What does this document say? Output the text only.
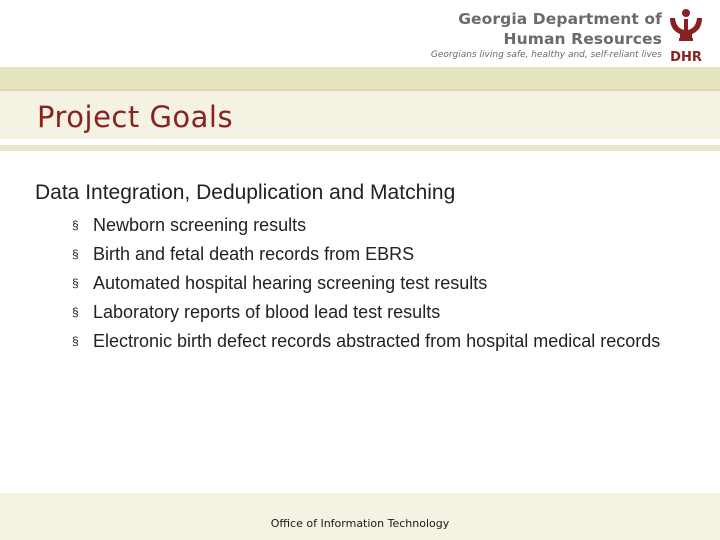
Georgia Department of
Human Resources
Georgians living safe, healthy and, self-reliant lives DHR
Project Goals
Data Integration, Deduplication and Matching
§ Newborn screening results
§ Birth and fetal death records from EBRS
§ Automated hospital hearing screening test results
§ Laboratory reports of blood lead test results
§ Electronic birth defect records abstracted from hospital medical records
Office of Information Technology
